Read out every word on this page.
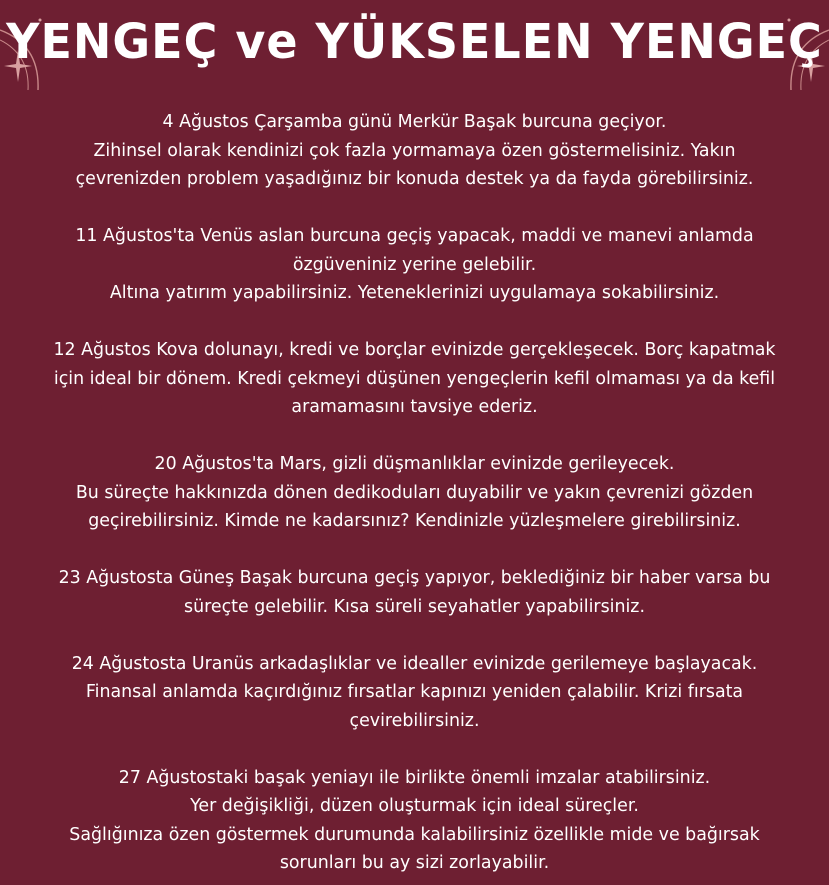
YENGEÇ ve YÜKSELEN YENGEÇ
4 Ağustos Çarşamba günü Merkür Başak burcuna geçiyor.
Zihinsel olarak kendinizi çok fazla yormamaya özen göstermelisiniz. Yakın
çevrenizden problem yaşadığınız bir konuda destek ya da fayda görebilirsiniz.
11 Ağustos'ta Venüs aslan burcuna geçiş yapacak, maddi ve manevi anlamda
özgüveniniz yerine gelebilir.
Altına yatırım yapabilirsiniz. Yeteneklerinizi uygulamaya sokabilirsiniz.
12 Ağustos Kova dolunayı, kredi ve borçlar evinizde gerçekleşecek. Borç kapatmak
için ideal bir dönem. Kredi çekmeyi düşünen yengeçlerin kefil olmaması ya da kefil
aramamasını tavsiye ederiz.
20 Ağustos'ta Mars, gizli düşmanlıklar evinizde gerileyecek.
Bu süreçte hakkınızda dönen dedikoduları duyabilir ve yakın çevrenizi gözden
geçirebilirsiniz. Kimde ne kadarsınız? Kendinizle yüzleşmelere girebilirsiniz.
23 Ağustosta Güneş Başak burcuna geçiş yapıyor, beklediğiniz bir haber varsa bu
süreçte gelebilir. Kısa süreli seyahatler yapabilirsiniz.
24 Ağustosta Uranüs arkadaşlıklar ve idealler evinizde gerilemeye başlayacak.
Finansal anlamda kaçırdığınız fırsatlar kapınızı yeniden çalabilir. Krizi fırsata
çevirebilirsiniz.
27 Ağustostaki başak yeniayı ile birlikte önemli imzalar atabilirsiniz.
Yer değişikliği, düzen oluşturmak için ideal süreçler.
Sağlığınıza özen göstermek durumunda kalabilirsiniz özellikle mide ve bağırsak
sorunları bu ay sizi zorlayabilir.
